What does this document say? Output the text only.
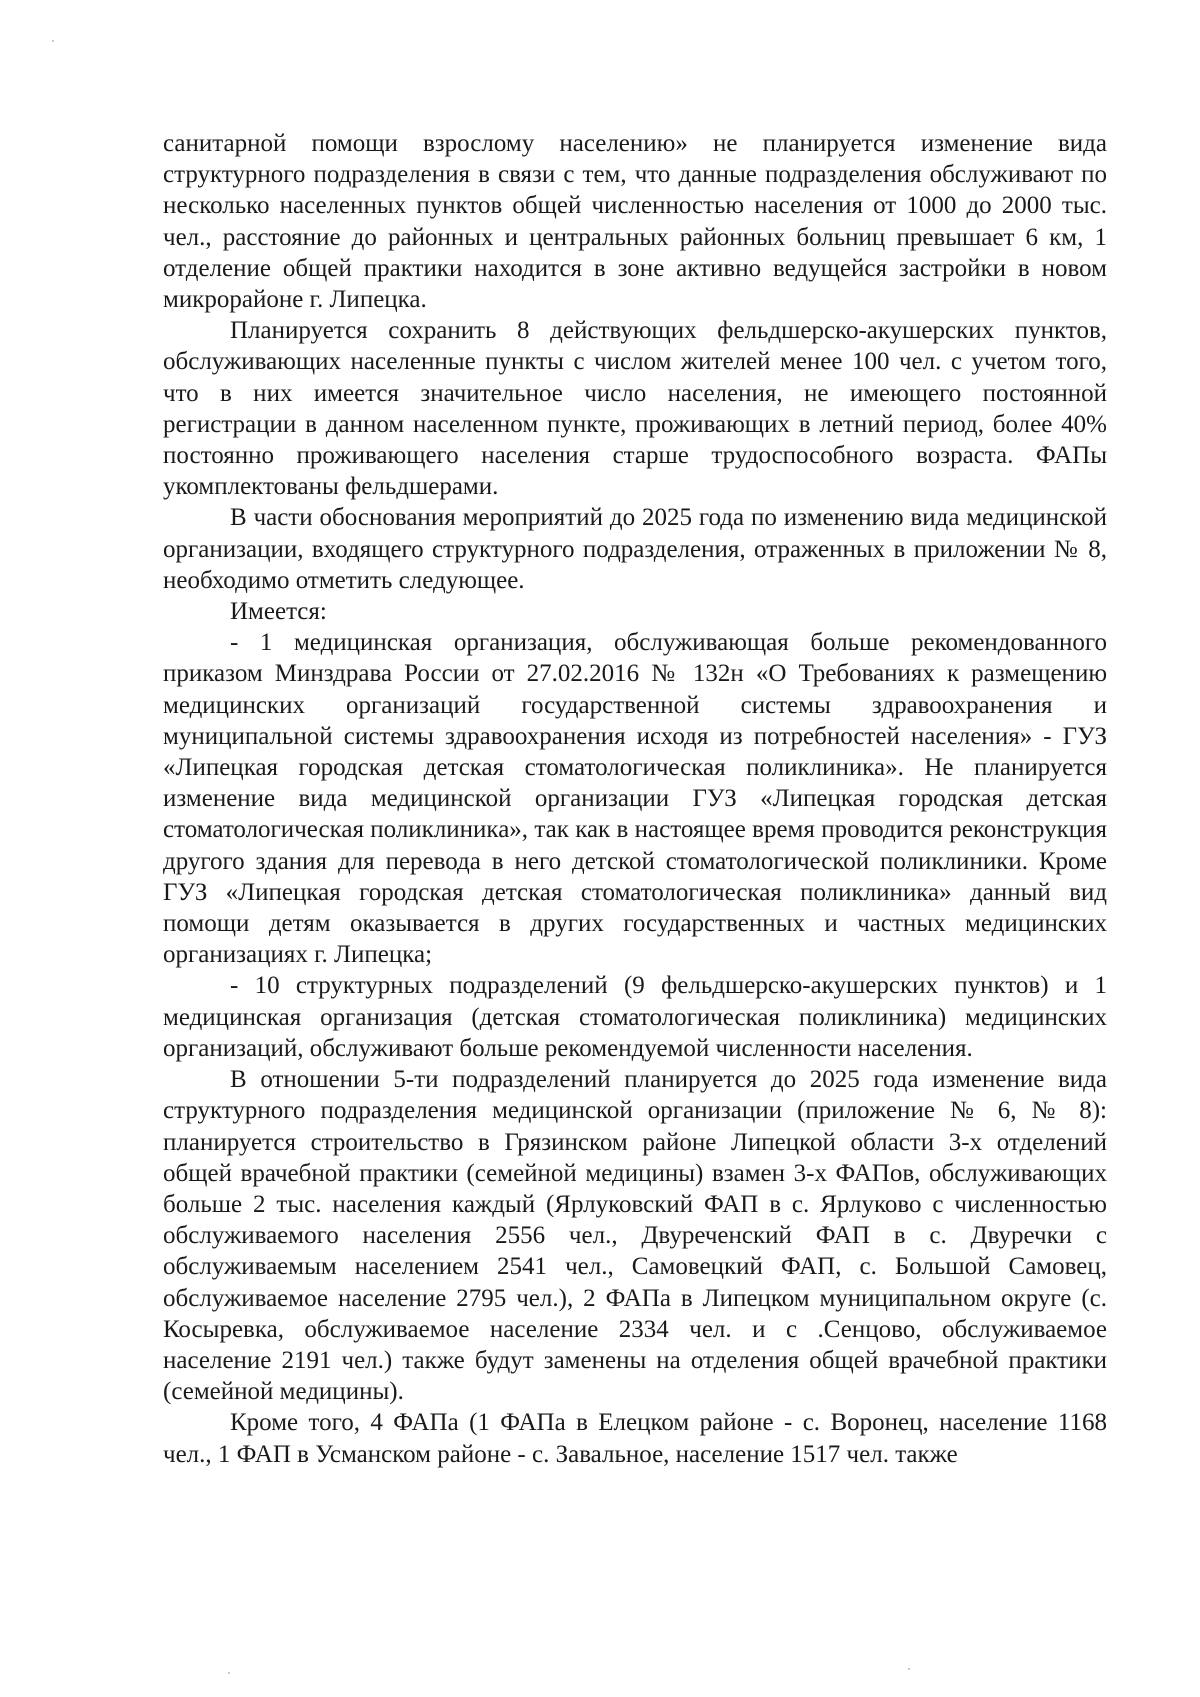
санитарной помощи взрослому населению» не планируется изменение вида структурного подразделения в связи с тем, что данные подразделения обслуживают по несколько населенных пунктов общей численностью населения от 1000 до 2000 тыс. чел., расстояние до районных и центральных районных больниц превышает 6 км, 1 отделение общей практики находится в зоне активно ведущейся застройки в новом микрорайоне г. Липецка.

Планируется сохранить 8 действующих фельдшерско-акушерских пунктов, обслуживающих населенные пункты с числом жителей менее 100 чел. с учетом того, что в них имеется значительное число населения, не имеющего постоянной регистрации в данном населенном пункте, проживающих в летний период, более 40% постоянно проживающего населения старше трудоспособного возраста. ФАПы укомплектованы фельдшерами.

В части обоснования мероприятий до 2025 года по изменению вида медицинской организации, входящего структурного подразделения, отраженных в приложении № 8, необходимо отметить следующее.

Имеется:

- 1 медицинская организация, обслуживающая больше рекомендованного приказом Минздрава России от 27.02.2016 № 132н «О Требованиях к размещению медицинских организаций государственной системы здравоохранения и муниципальной системы здравоохранения исходя из потребностей населения» - ГУЗ «Липецкая городская детская стоматологическая поликлиника». Не планируется изменение вида медицинской организации ГУЗ «Липецкая городская детская стоматологическая поликлиника», так как в настоящее время проводится реконструкция другого здания для перевода в него детской стоматологической поликлиники. Кроме ГУЗ «Липецкая городская детская стоматологическая поликлиника» данный вид помощи детям оказывается в других государственных и частных медицинских организациях г. Липецка;

- 10 структурных подразделений (9 фельдшерско-акушерских пунктов) и 1 медицинская организация (детская стоматологическая поликлиника) медицинских организаций, обслуживают больше рекомендуемой численности населения.

В отношении 5-ти подразделений планируется до 2025 года изменение вида структурного подразделения медицинской организации (приложение № 6, № 8): планируется строительство в Грязинском районе Липецкой области 3-х отделений общей врачебной практики (семейной медицины) взамен 3-х ФАПов, обслуживающих больше 2 тыс. населения каждый (Ярлуковский ФАП в с. Ярлуково с численностью обслуживаемого населения 2556 чел., Двуреченский ФАП в с. Двуречки с обслуживаемым населением 2541 чел., Самовецкий ФАП, с. Большой Самовец, обслуживаемое население 2795 чел.), 2 ФАПа в Липецком муниципальном округе (с. Косыревка, обслуживаемое население 2334 чел. и с .Сенцово, обслуживаемое население 2191 чел.) также будут заменены на отделения общей врачебной практики (семейной медицины).

Кроме того, 4 ФАПа (1 ФАПа в Елецком районе - с. Воронец, население 1168 чел., 1 ФАП в Усманском районе - с. Завальное, население 1517 чел. также
